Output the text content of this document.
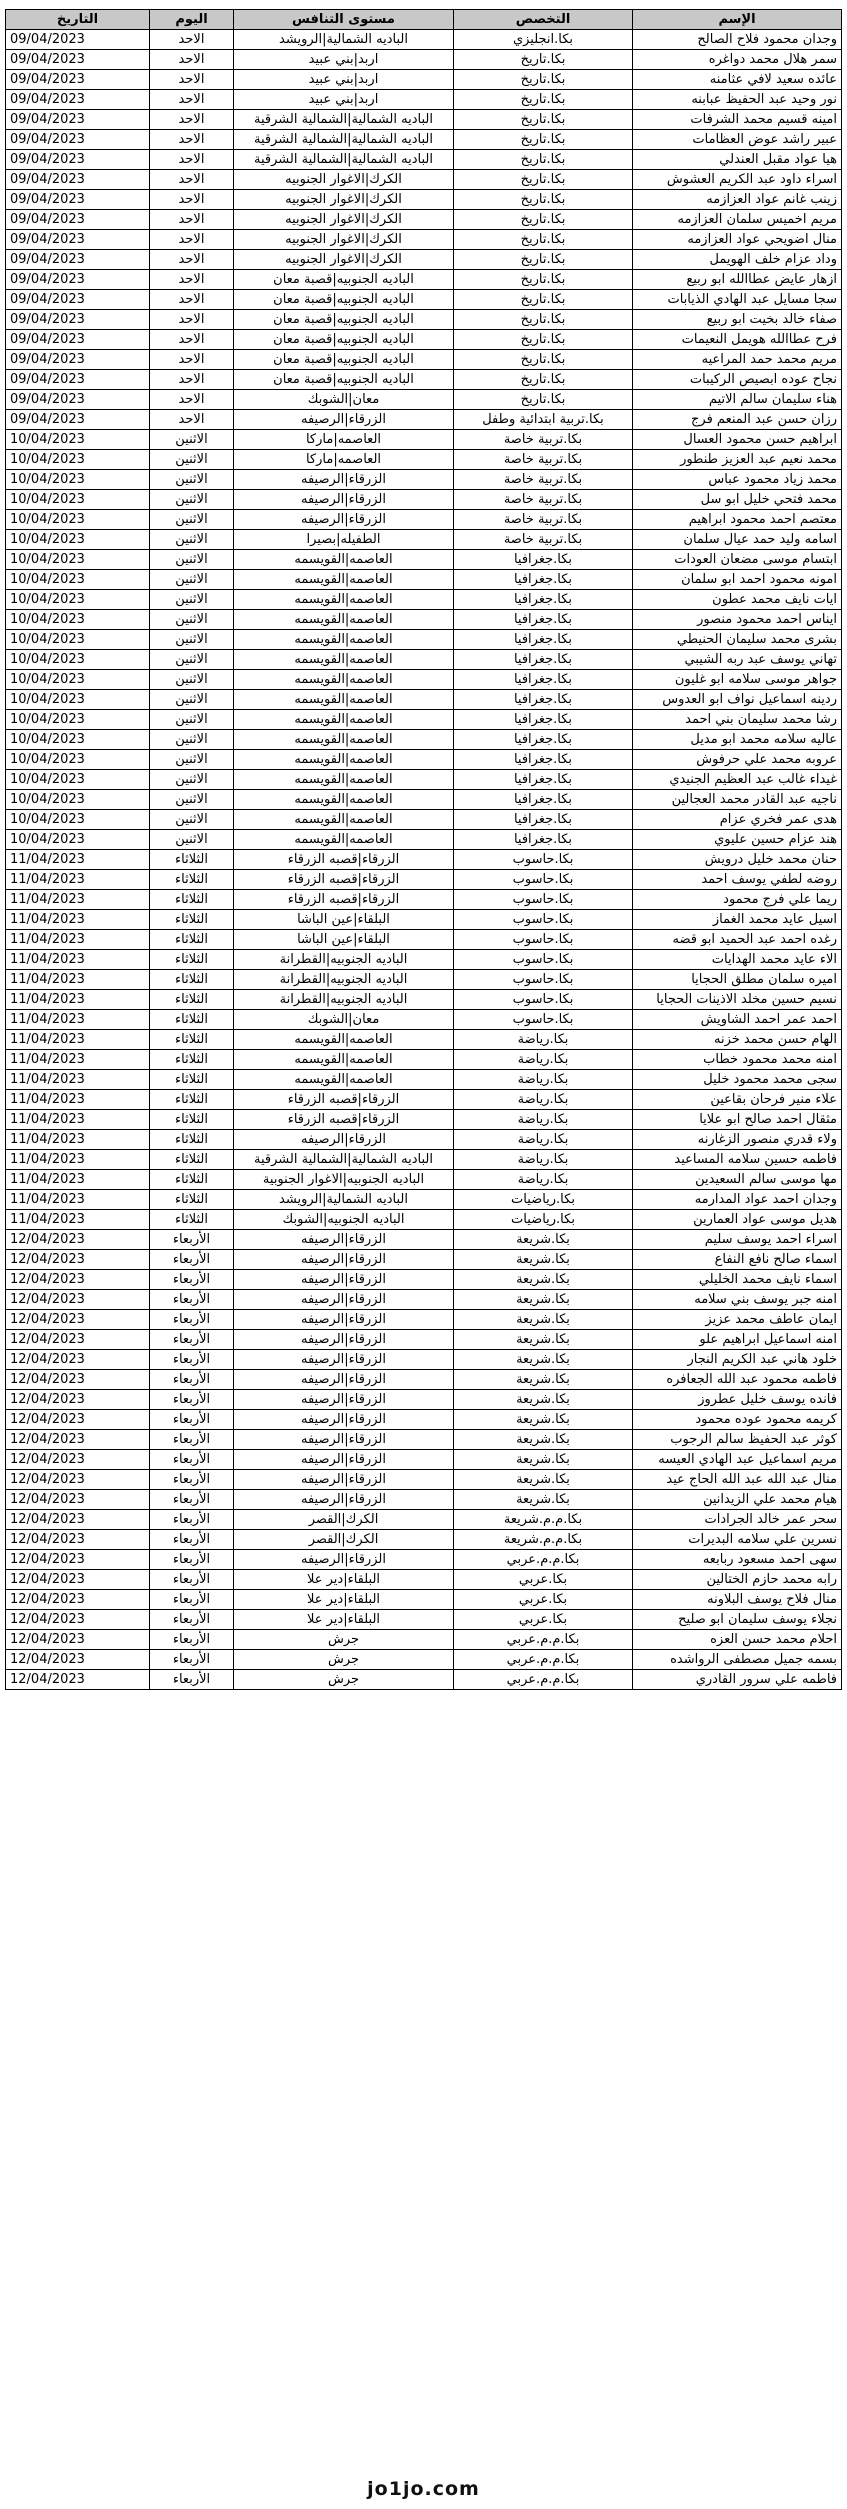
الإسم	التخصص	مستوى التنافس	اليوم	التاريخ
وجدان محمود فلاح الصالح	بكا.انجليزي	الباديه الشمالية|الرويشد	الاحد	09/04/2023
سمر هلال محمد دواغره	بكا.تاريخ	اربد|بني عبيد	الاحد	09/04/2023
عائده سعيد لافي عثامنه	بكا.تاريخ	اربد|بني عبيد	الاحد	09/04/2023
نور وحيد عبد الحفيظ عبابنه	بكا.تاريخ	اربد|بني عبيد	الاحد	09/04/2023
امينه قسيم محمد الشرفات	بكا.تاريخ	الباديه الشمالية|الشمالية الشرقية	الاحد	09/04/2023
عبير راشد عوض العظامات	بكا.تاريخ	الباديه الشمالية|الشمالية الشرقية	الاحد	09/04/2023
هيا عواد مقبل العندلي	بكا.تاريخ	الباديه الشمالية|الشمالية الشرقية	الاحد	09/04/2023
اسراء داود عبد الكريم العشوش	بكا.تاريخ	الكرك|الاغوار الجنوبيه	الاحد	09/04/2023
زينب غانم عواد العزازمه	بكا.تاريخ	الكرك|الاغوار الجنوبيه	الاحد	09/04/2023
مريم اخميس سلمان العزازمه	بكا.تاريخ	الكرك|الاغوار الجنوبيه	الاحد	09/04/2023
منال اضويحي عواد العزازمه	بكا.تاريخ	الكرك|الاغوار الجنوبيه	الاحد	09/04/2023
وداد عزام خلف الهويمل	بكا.تاريخ	الكرك|الاغوار الجنوبيه	الاحد	09/04/2023
ازهار عايض عطاالله ابو ربيع	بكا.تاريخ	الباديه الجنوبيه|قصبة معان	الاحد	09/04/2023
سجا مسايل عبد الهادي الذيابات	بكا.تاريخ	الباديه الجنوبيه|قصبة معان	الاحد	09/04/2023
صفاء خالد بخيت ابو ربيع	بكا.تاريخ	الباديه الجنوبيه|قصبة معان	الاحد	09/04/2023
فرح عطاالله هويمل النعيمات	بكا.تاريخ	الباديه الجنوبيه|قصبة معان	الاحد	09/04/2023
مريم محمد حمد المراعيه	بكا.تاريخ	الباديه الجنوبيه|قصبة معان	الاحد	09/04/2023
نجاح عوده ابصيص الركيبات	بكا.تاريخ	الباديه الجنوبيه|قصبة معان	الاحد	09/04/2023
هناء سليمان سالم الاتيم	بكا.تاريخ	معان|الشوبك	الاحد	09/04/2023
رزان حسن عبد المنعم فرج	بكا.تربية ابتدائية وطفل	الزرقاء|الرصيفه	الاحد	09/04/2023
ابراهيم حسن محمود العسال	بكا.تربية خاصة	العاصمه|ماركا	الاثنين	10/04/2023
محمد نعيم عبد العزيز طنطور	بكا.تربية خاصة	العاصمه|ماركا	الاثنين	10/04/2023
محمد زياد محمود عباس	بكا.تربية خاصة	الزرقاء|الرصيفه	الاثنين	10/04/2023
محمد فتحي خليل ابو سل	بكا.تربية خاصة	الزرقاء|الرصيفه	الاثنين	10/04/2023
معتصم احمد محمود ابراهيم	بكا.تربية خاصة	الزرقاء|الرصيفه	الاثنين	10/04/2023
اسامه وليد حمد عيال سلمان	بكا.تربية خاصة	الطفيله|بصيرا	الاثنين	10/04/2023
ابتسام موسى مضعان العودات	بكا.جغرافيا	العاصمه|القويسمه	الاثنين	10/04/2023
امونه محمود احمد ابو سلمان	بكا.جغرافيا	العاصمه|القويسمه	الاثنين	10/04/2023
ايات نايف محمد عطون	بكا.جغرافيا	العاصمه|القويسمه	الاثنين	10/04/2023
ايناس احمد محمود منصور	بكا.جغرافيا	العاصمه|القويسمه	الاثنين	10/04/2023
بشرى محمد سليمان الحنيطي	بكا.جغرافيا	العاصمه|القويسمه	الاثنين	10/04/2023
تهاني يوسف عبد ربه الشيبي	بكا.جغرافيا	العاصمه|القويسمه	الاثنين	10/04/2023
جواهر موسى سلامه ابو غليون	بكا.جغرافيا	العاصمه|القويسمه	الاثنين	10/04/2023
ردينه اسماعيل نواف ابو العدوس	بكا.جغرافيا	العاصمه|القويسمه	الاثنين	10/04/2023
رشا محمد سليمان بني احمد	بكا.جغرافيا	العاصمه|القويسمه	الاثنين	10/04/2023
عاليه سلامه محمد ابو مديل	بكا.جغرافيا	العاصمه|القويسمه	الاثنين	10/04/2023
عروبه محمد علي حرفوش	بكا.جغرافيا	العاصمه|القويسمه	الاثنين	10/04/2023
غيداء غالب عبد العظيم الجنيدي	بكا.جغرافيا	العاصمه|القويسمه	الاثنين	10/04/2023
ناجيه عبد القادر محمد العجالين	بكا.جغرافيا	العاصمه|القويسمه	الاثنين	10/04/2023
هدى عمر فخري عزام	بكا.جغرافيا	العاصمه|القويسمه	الاثنين	10/04/2023
هند عزام حسين عليوي	بكا.جغرافيا	العاصمه|القويسمه	الاثنين	10/04/2023
حنان محمد خليل درويش	بكا.حاسوب	الزرقاء|قصبه الزرقاء	الثلاثاء	11/04/2023
روضه لطفي يوسف احمد	بكا.حاسوب	الزرقاء|قصبه الزرقاء	الثلاثاء	11/04/2023
ريما علي فرج محمود	بكا.حاسوب	الزرقاء|قصبه الزرقاء	الثلاثاء	11/04/2023
اسيل عايد محمد الغماز	بكا.حاسوب	البلقاء|عين الباشا	الثلاثاء	11/04/2023
رغده احمد عبد الحميد ابو قضه	بكا.حاسوب	البلقاء|عين الباشا	الثلاثاء	11/04/2023
الاء عايد محمد الهدايات	بكا.حاسوب	الباديه الجنوبيه|القطرانة	الثلاثاء	11/04/2023
اميره سلمان مطلق الحجايا	بكا.حاسوب	الباديه الجنوبيه|القطرانة	الثلاثاء	11/04/2023
نسيم حسين مخلد الاذينات الحجايا	بكا.حاسوب	الباديه الجنوبيه|القطرانة	الثلاثاء	11/04/2023
احمد عمر احمد الشاويش	بكا.حاسوب	معان|الشوبك	الثلاثاء	11/04/2023
الهام حسن محمد خزنه	بكا.رياضة	العاصمه|القويسمه	الثلاثاء	11/04/2023
امنه محمد محمود خطاب	بكا.رياضة	العاصمه|القويسمه	الثلاثاء	11/04/2023
سجى محمد محمود خليل	بكا.رياضة	العاصمه|القويسمه	الثلاثاء	11/04/2023
علاء منير فرحان بقاعين	بكا.رياضة	الزرقاء|قصبه الزرقاء	الثلاثاء	11/04/2023
مثقال احمد صالح ابو علايا	بكا.رياضة	الزرقاء|قصبه الزرقاء	الثلاثاء	11/04/2023
ولاء قدري منصور الزغارنه	بكا.رياضة	الزرقاء|الرصيفه	الثلاثاء	11/04/2023
فاطمه حسين سلامه المساعيد	بكا.رياضة	الباديه الشمالية|الشمالية الشرقية	الثلاثاء	11/04/2023
مها موسى سالم السعيدين	بكا.رياضة	الباديه الجنوبيه|الاغوار الجنوبية	الثلاثاء	11/04/2023
وجدان احمد عواد المدارمه	بكا.رياضيات	الباديه الشمالية|الرويشد	الثلاثاء	11/04/2023
هديل موسى عواد العمارين	بكا.رياضيات	الباديه الجنوبيه|الشوبك	الثلاثاء	11/04/2023
اسراء احمد يوسف سليم	بكا.شريعة	الزرقاء|الرصيفه	الأربعاء	12/04/2023
اسماء صالح نافع النفاع	بكا.شريعة	الزرقاء|الرصيفه	الأربعاء	12/04/2023
اسماء نايف محمد الخليلي	بكا.شريعة	الزرقاء|الرصيفه	الأربعاء	12/04/2023
امنه جبر يوسف بني سلامه	بكا.شريعة	الزرقاء|الرصيفه	الأربعاء	12/04/2023
ايمان عاطف محمد عزيز	بكا.شريعة	الزرقاء|الرصيفه	الأربعاء	12/04/2023
امنه اسماعيل ابراهيم علو	بكا.شريعة	الزرقاء|الرصيفه	الأربعاء	12/04/2023
خلود هاني عبد الكريم النجار	بكا.شريعة	الزرقاء|الرصيفه	الأربعاء	12/04/2023
فاطمه محمود عبد الله الجعافره	بكا.شريعة	الزرقاء|الرصيفه	الأربعاء	12/04/2023
فانده يوسف خليل عطروز	بكا.شريعة	الزرقاء|الرصيفه	الأربعاء	12/04/2023
كريمه محمود عوده محمود	بكا.شريعة	الزرقاء|الرصيفه	الأربعاء	12/04/2023
كوثر عبد الحفيظ سالم الرجوب	بكا.شريعة	الزرقاء|الرصيفه	الأربعاء	12/04/2023
مريم اسماعيل عبد الهادي العيسه	بكا.شريعة	الزرقاء|الرصيفه	الأربعاء	12/04/2023
منال عبد الله عبد الله الحاج عيد	بكا.شريعة	الزرقاء|الرصيفه	الأربعاء	12/04/2023
هيام محمد علي الزيدانين	بكا.شريعة	الزرقاء|الرصيفه	الأربعاء	12/04/2023
سحر عمر خالد الجرادات	بكا.م.م.شريعة	الكرك|القصر	الأربعاء	12/04/2023
نسرين علي سلامه البديرات	بكا.م.م.شريعة	الكرك|القصر	الأربعاء	12/04/2023
سهى احمد مسعود ربابعه	بكا.م.م.عربي	الزرقاء|الرصيفه	الأربعاء	12/04/2023
رابه محمد حازم الختالين	بكا.عربي	البلقاء|دير علا	الأربعاء	12/04/2023
منال فلاح يوسف البلاونه	بكا.عربي	البلقاء|دير علا	الأربعاء	12/04/2023
نجلاء يوسف سليمان ابو صليح	بكا.عربي	البلقاء|دير علا	الأربعاء	12/04/2023
احلام محمد حسن العزه	بكا.م.م.عربي	جرش	الأربعاء	12/04/2023
بسمه جميل مصطفى الرواشده	بكا.م.م.عربي	جرش	الأربعاء	12/04/2023
فاطمه علي سرور القادري	بكا.م.م.عربي	جرش	الأربعاء	12/04/2023
jo1jo.com
